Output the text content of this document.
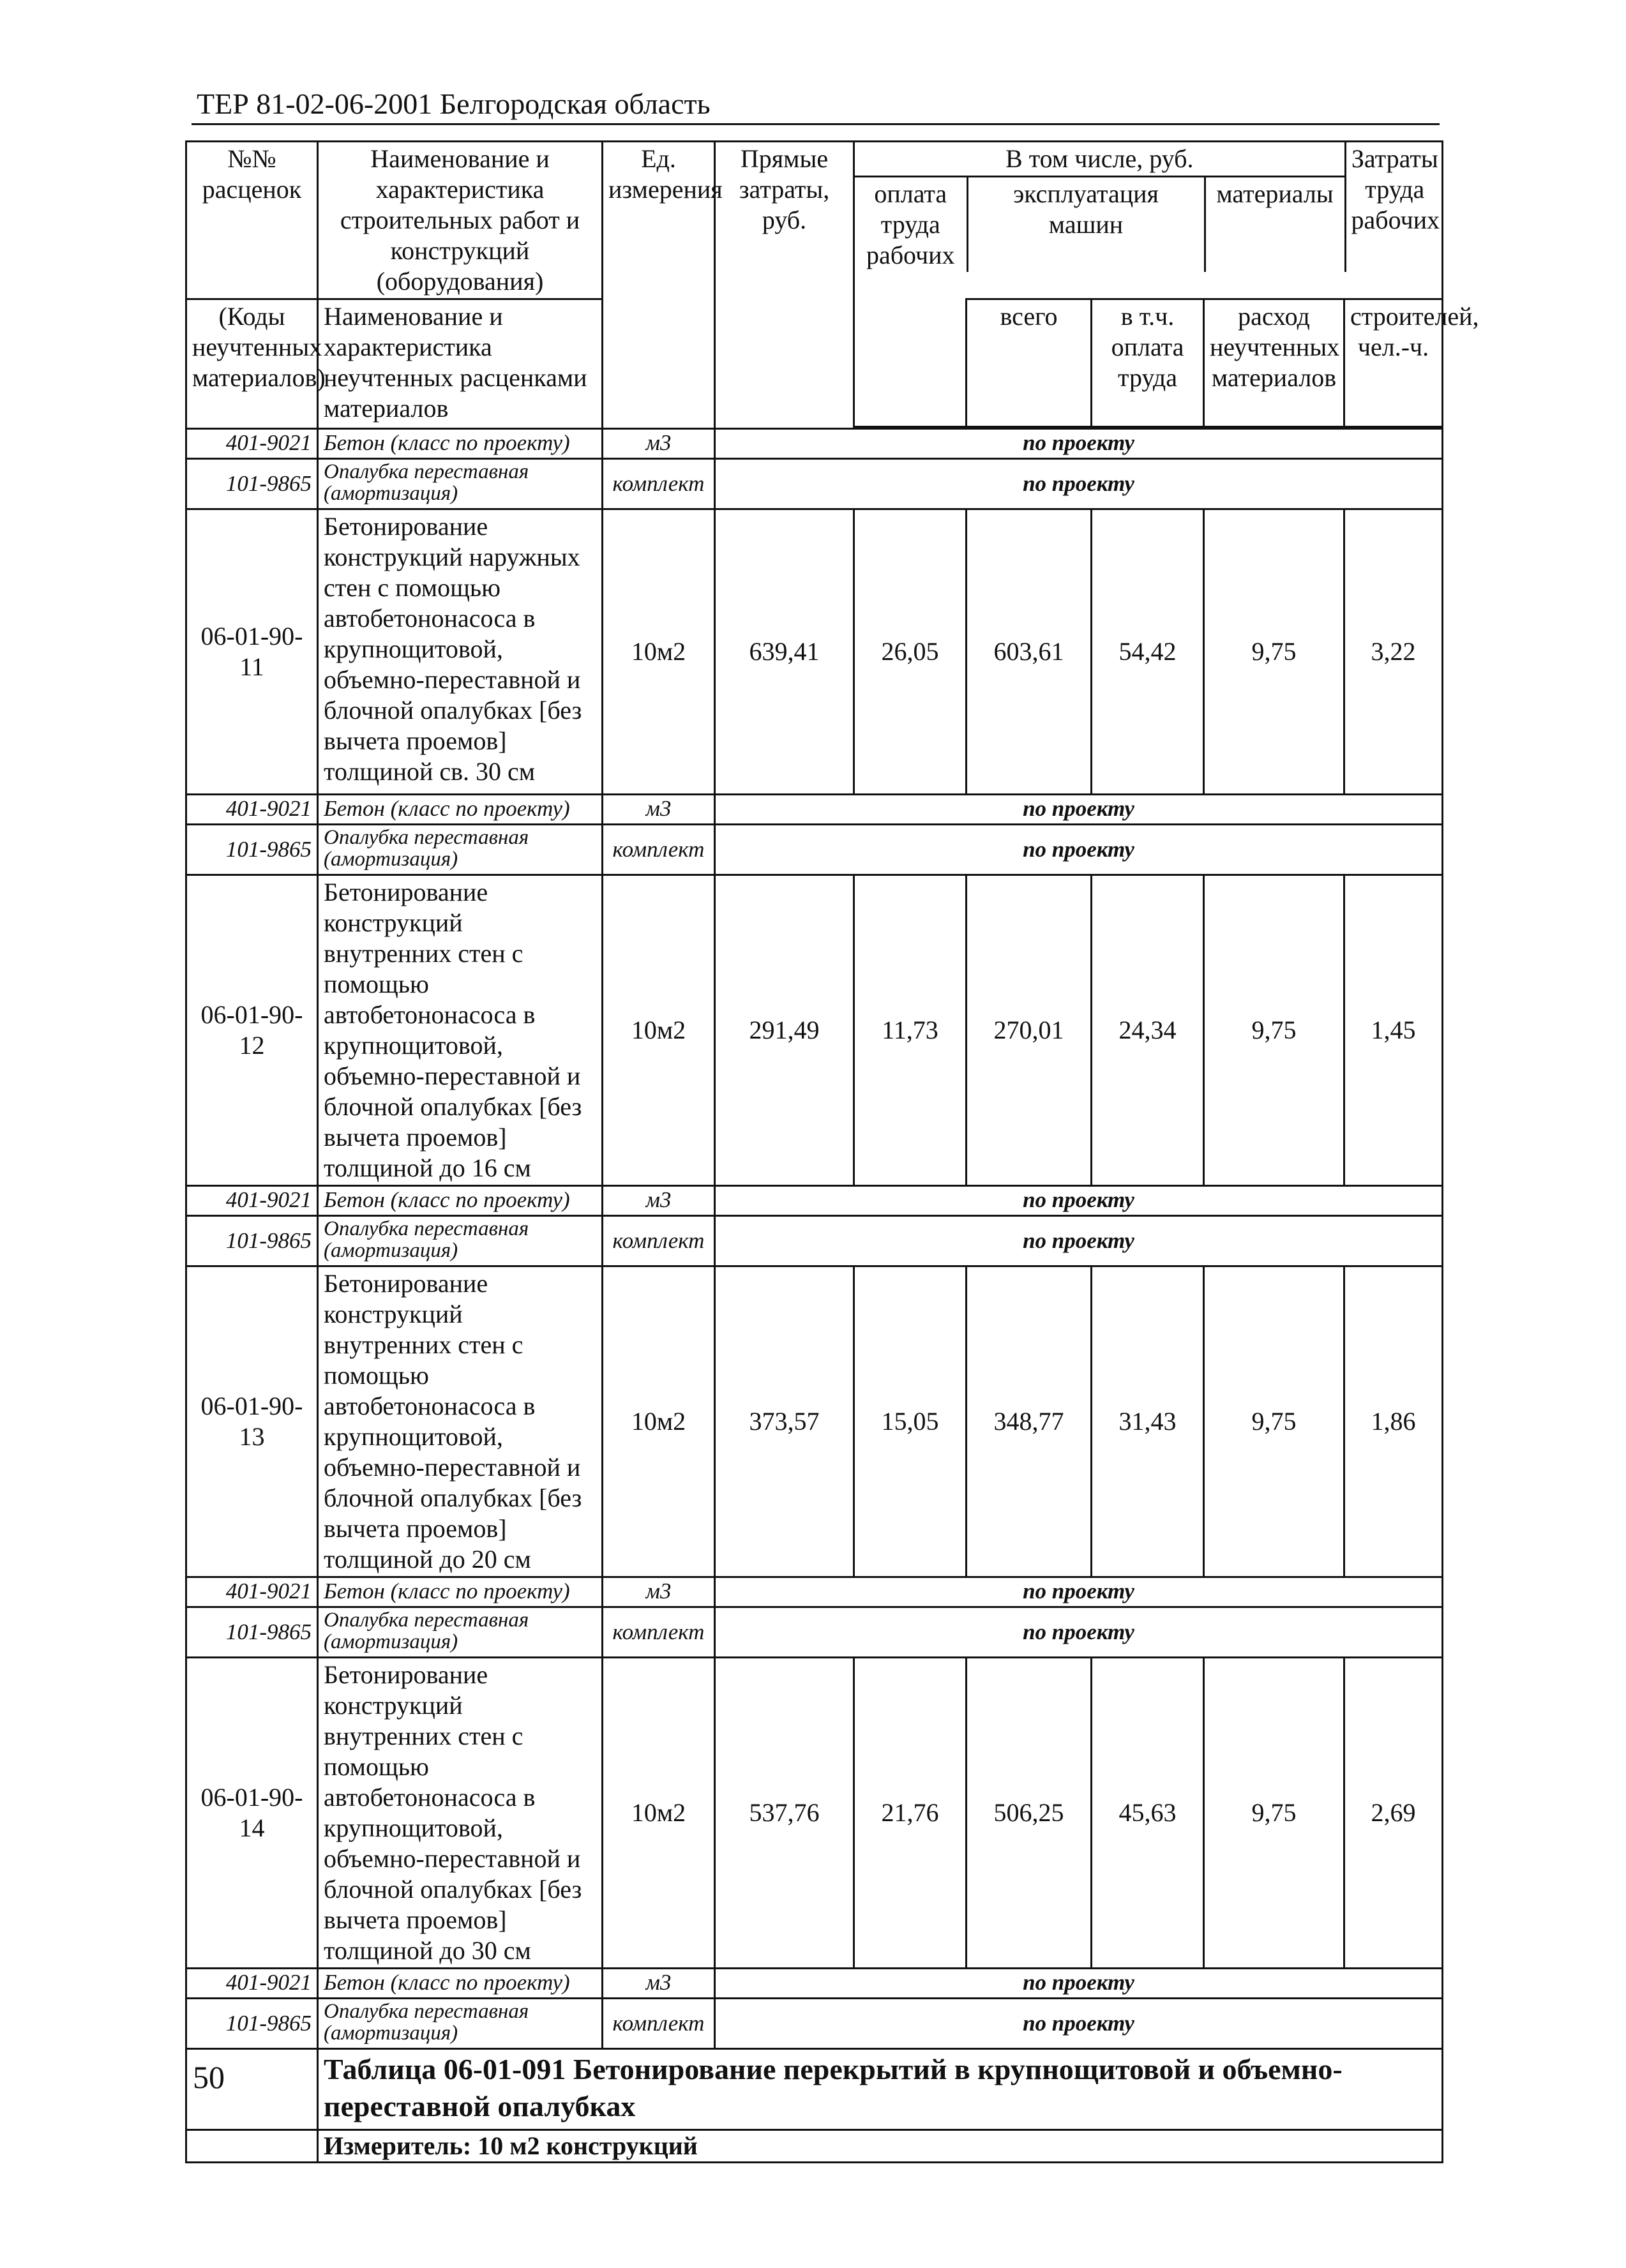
ТЕР 81-02-06-2001 Белгородская область
№№ расценок	Наименование и характеристика строительных работ и конструкций (оборудования)	Ед. измерения	Прямые затраты, руб.	
В том числе, руб.	Затраты труда рабочих
оплата труда рабочих	эксплуатация машин	материалы

(Коды неучтенных материалов)	Наименование и характеристика неучтенных расценками материалов		всего	в т.ч. оплата труда	расход неучтенных материалов	строителей, чел.-ч.

401-9021	Бетон (класс по проекту)	м3	по проекту
101-9865	Опалубка переставная (амортизация)	комплект	по проекту
06-01-90-11	Бетонирование конструкций наружных стен с помощью автобетононасоса в крупнощитовой, объемно-переставной и блочной опалубках [без вычета проемов] толщиной св. 30 см	10м2	639,41	26,05	603,61	54,42	9,75	3,22
401-9021	Бетон (класс по проекту)	м3	по проекту
101-9865	Опалубка переставная (амортизация)	комплект	по проекту
06-01-90-12	Бетонирование конструкций внутренних стен с помощью автобетононасоса в крупнощитовой, объемно-переставной и блочной опалубках [без вычета проемов] толщиной до 16 см	10м2	291,49	11,73	270,01	24,34	9,75	1,45
401-9021	Бетон (класс по проекту)	м3	по проекту
101-9865	Опалубка переставная (амортизация)	комплект	по проекту
06-01-90-13	Бетонирование конструкций внутренних стен с помощью автобетононасоса в крупнощитовой, объемно-переставной и блочной опалубках [без вычета проемов] толщиной до 20 см	10м2	373,57	15,05	348,77	31,43	9,75	1,86
401-9021	Бетон (класс по проекту)	м3	по проекту
101-9865	Опалубка переставная (амортизация)	комплект	по проекту
06-01-90-14	Бетонирование конструкций внутренних стен с помощью автобетононасоса в крупнощитовой, объемно-переставной и блочной опалубках [без вычета проемов] толщиной до 30 см	10м2	537,76	21,76	506,25	45,63	9,75	2,69
401-9021	Бетон (класс по проекту)	м3	по проекту
101-9865	Опалубка переставная (амортизация)	комплект	по проекту
	Таблица 06-01-091 Бетонирование перекрытий в крупнощитовой и объемно-переставной опалубках
	Измеритель: 10 м2 конструкций
50
